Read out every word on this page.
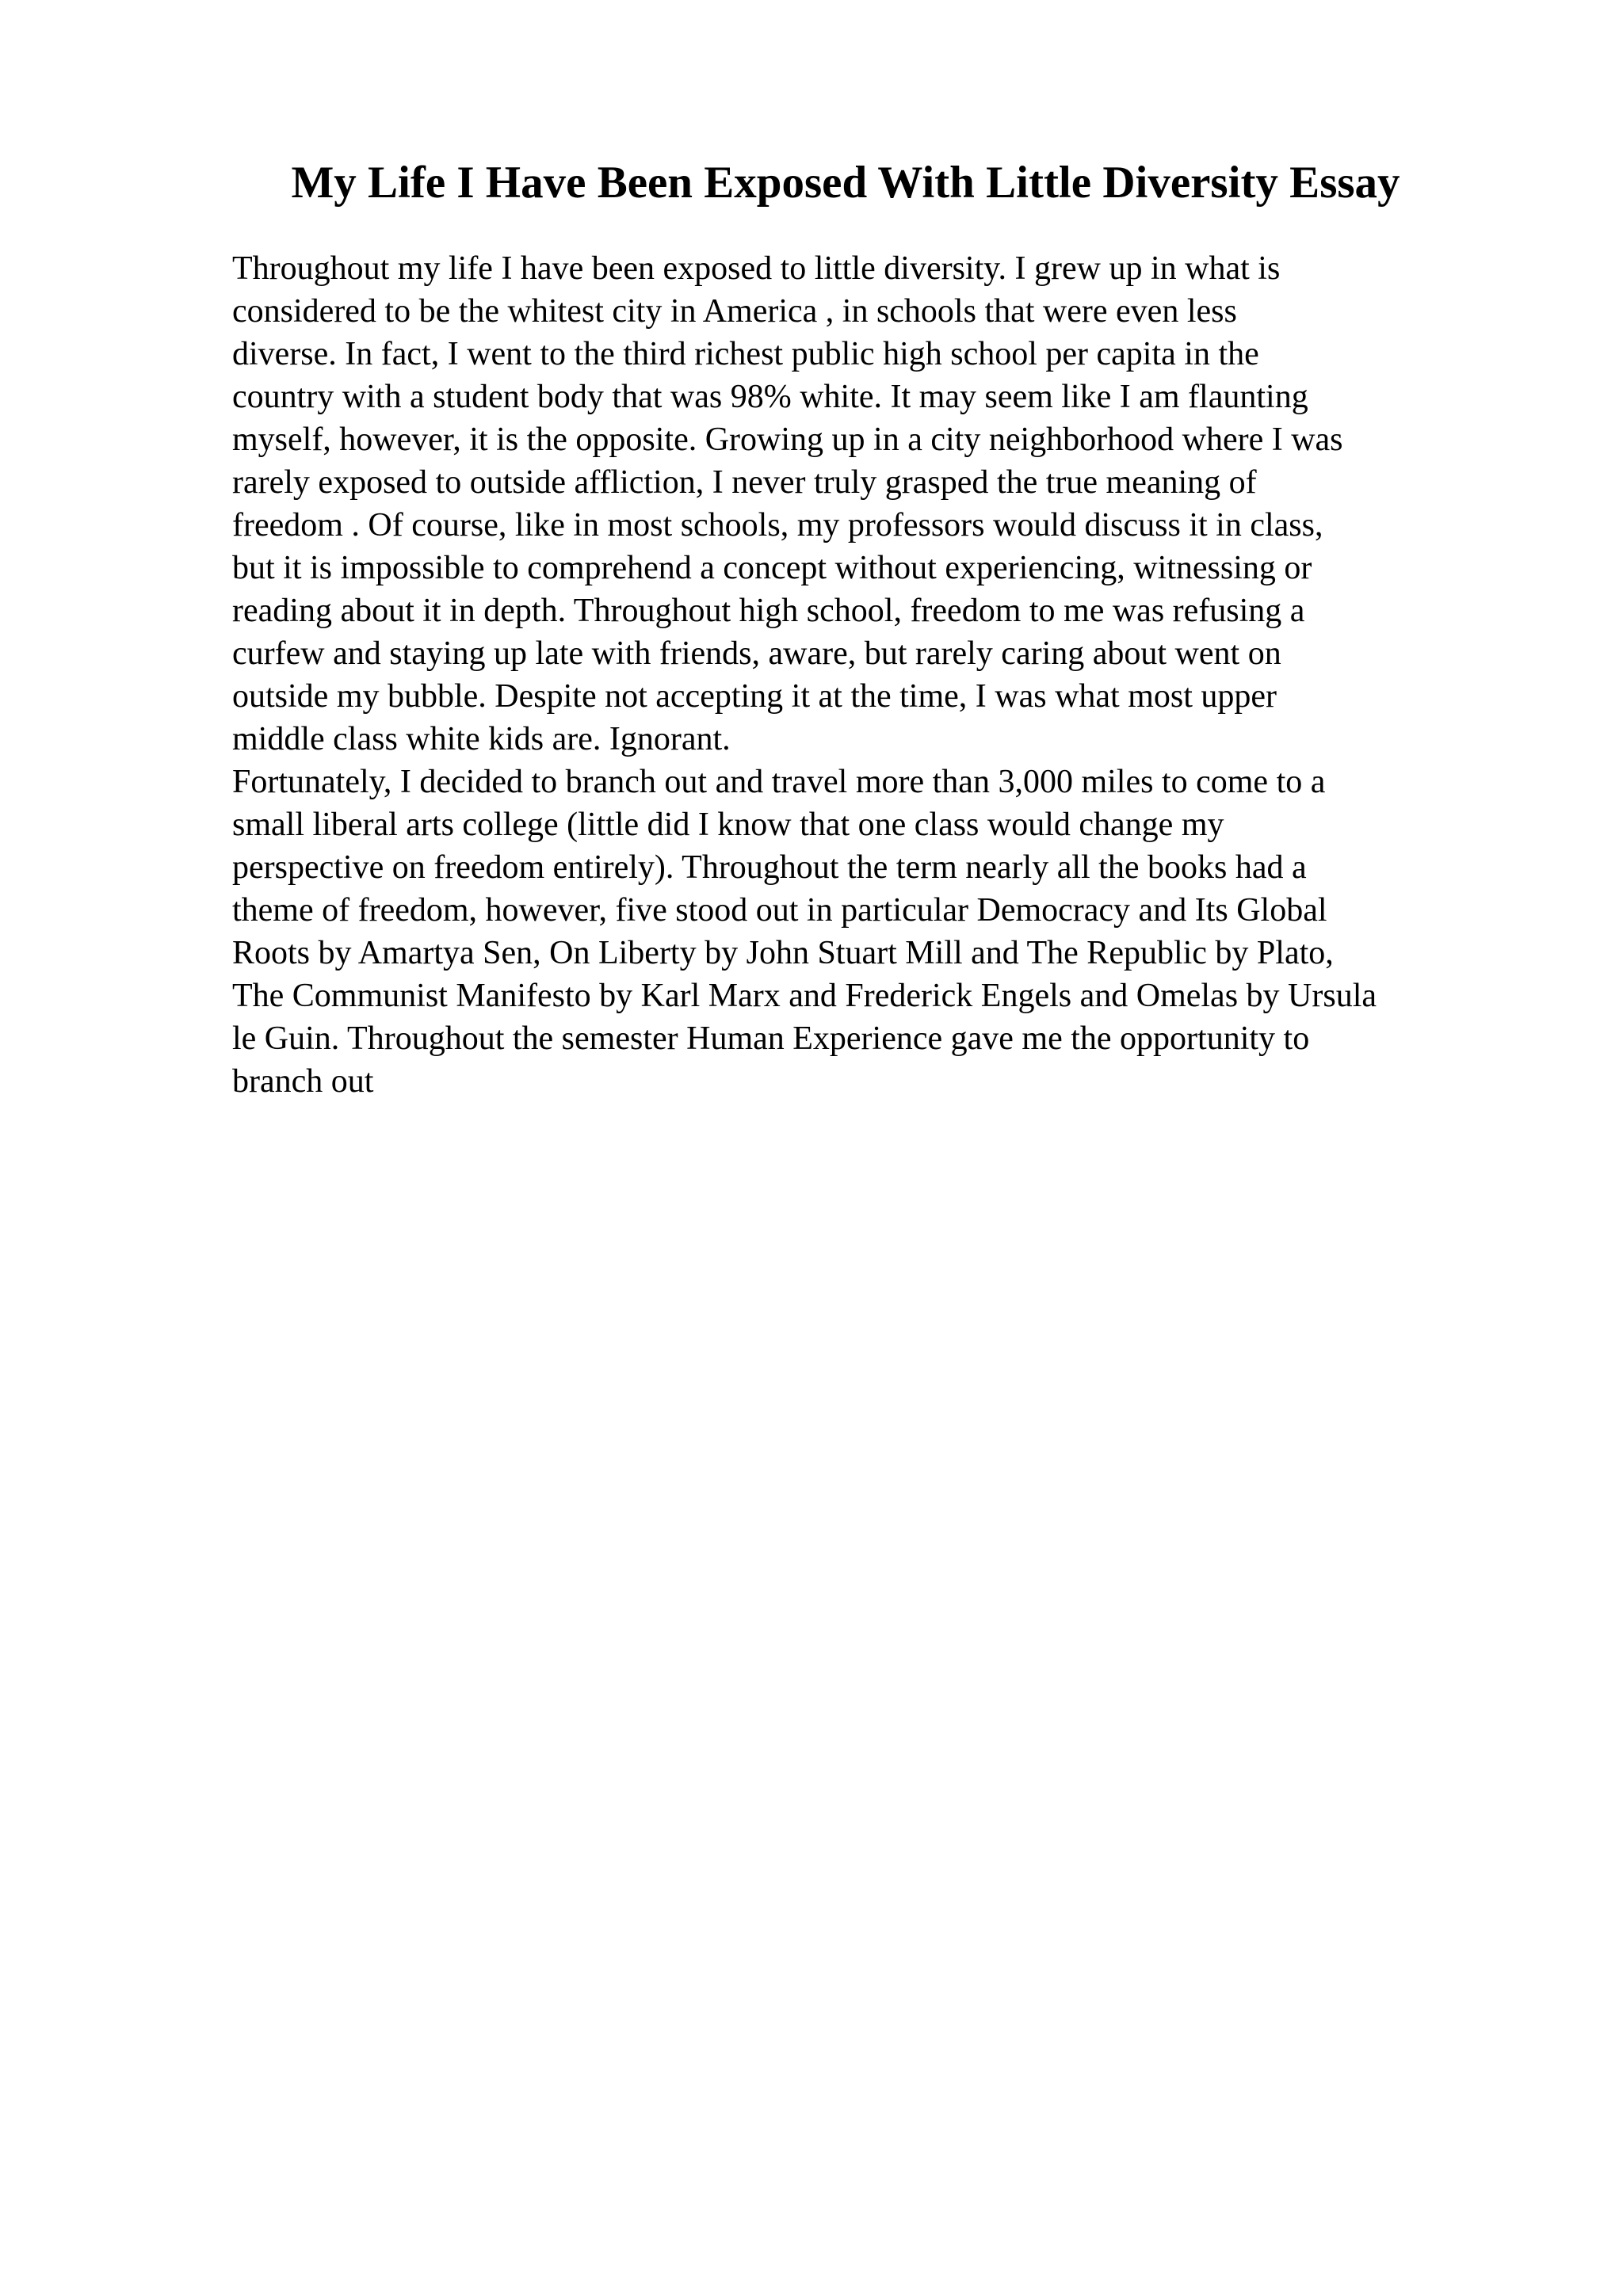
My Life I Have Been Exposed With Little Diversity Essay
Throughout my life I have been exposed to little diversity. I grew up in what is
considered to be the whitest city in America , in schools that were even less
diverse. In fact, I went to the third richest public high school per capita in the
country with a student body that was 98% white. It may seem like I am flaunting
myself, however, it is the opposite. Growing up in a city neighborhood where I was
rarely exposed to outside affliction, I never truly grasped the true meaning of
freedom . Of course, like in most schools, my professors would discuss it in class,
but it is impossible to comprehend a concept without experiencing, witnessing or
reading about it in depth. Throughout high school, freedom to me was refusing a
curfew and staying up late with friends, aware, but rarely caring about went on
outside my bubble. Despite not accepting it at the time, I was what most upper
middle class white kids are. Ignorant.
Fortunately, I decided to branch out and travel more than 3,000 miles to come to a
small liberal arts college (little did I know that one class would change my
perspective on freedom entirely). Throughout the term nearly all the books had a
theme of freedom, however, five stood out in particular Democracy and Its Global
Roots by Amartya Sen, On Liberty by John Stuart Mill and The Republic by Plato,
The Communist Manifesto by Karl Marx and Frederick Engels and Omelas by Ursula
le Guin. Throughout the semester Human Experience gave me the opportunity to
branch out
